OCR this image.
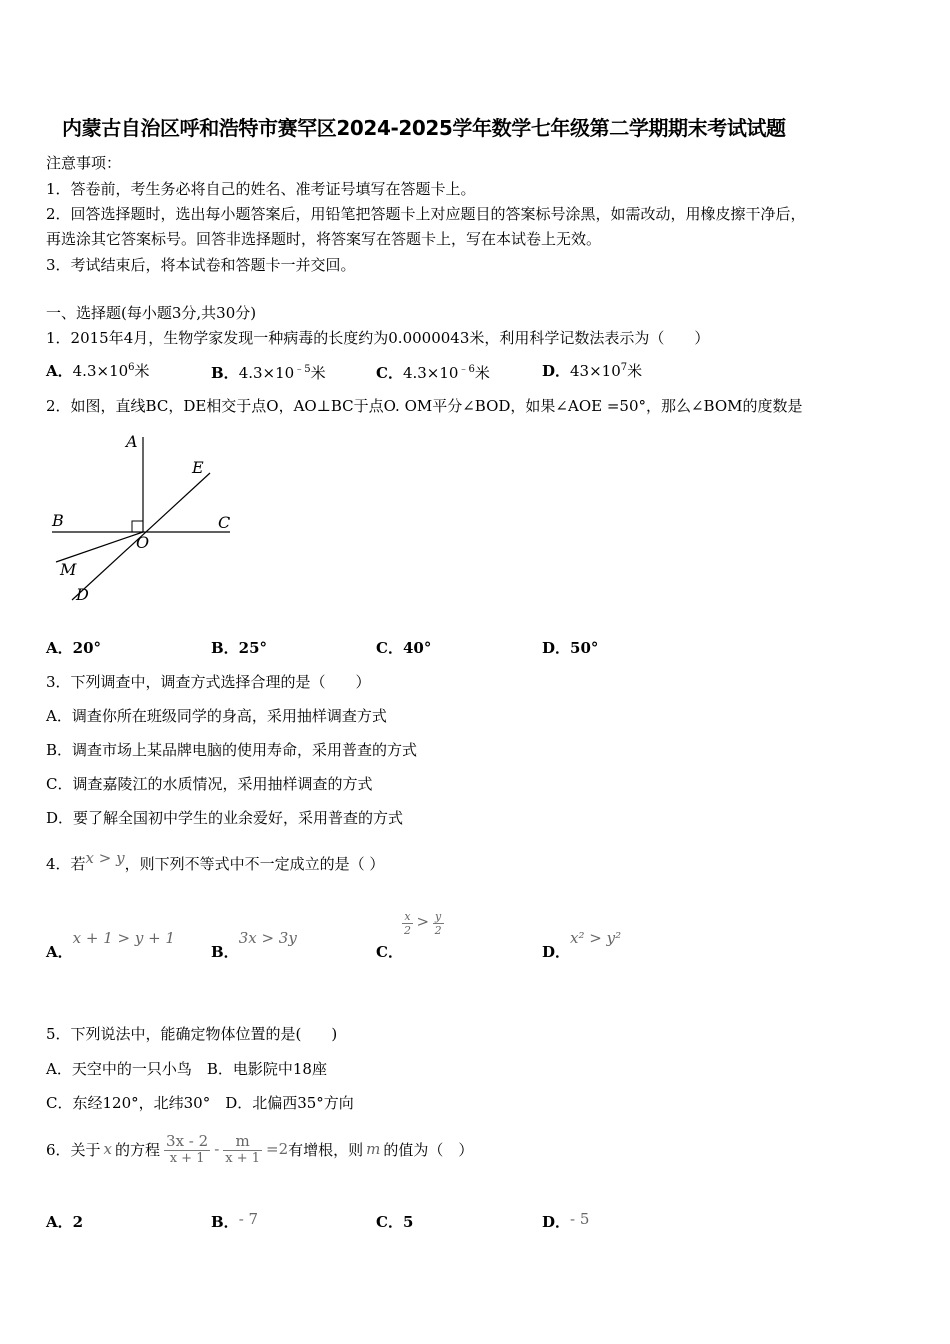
内蒙古自治区呼和浩特市赛罕区2024-2025学年数学七年级第二学期期末考试试题
注意事项：
1．答卷前，考生务必将自己的姓名、准考证号填写在答题卡上。
2．回答选择题时，选出每小题答案后，用铅笔把答题卡上对应题目的答案标号涂黑，如需改动，用橡皮擦干净后，
再选涂其它答案标号。回答非选择题时，将答案写在答题卡上，写在本试卷上无效。
3．考试结束后，将本试卷和答题卡一并交回。
一、选择题(每小题3分,共30分)
1．2015年4月，生物学家发现一种病毒的长度约为0.0000043米，利用科学记数法表示为（　　）
A．$4.3\times 10^6$米	B．$4.3\times 10^{﹣5}$米	C．$4.3\times 10^{﹣6}$米	D．$43\times 10^7$米
2．如图，直线BC，DE相交于点O，AO⊥BC于点O. OM平分∠BOD，如果∠AOE =50°，那么∠BOM的度数是
A
E
B	C
O
M
D
A．20°	B．25°	C．40°	D．50°
3．下列调查中，调查方式选择合理的是（　　）
A．调查你所在班级同学的身高，采用抽样调查方式
B．调查市场上某品牌电脑的使用寿命，采用普查的方式
C．调查嘉陵江的水质情况，采用抽样调查的方式
D．要了解全国初中学生的业余爱好，采用普查的方式
4．若x > y，则下列不等式中不一定成立的是（ ）
A．x + 1 > y + 1
B．3x > 3y
C．
$\frac{x}{2} > \frac{y}{2}$
D．x² > y²
5．下列说法中，能确定物体位置的是(　　)
A．天空中的一只小鸟　B．电影院中18座
C．东经120°，北纬30°　D．北偏西35°方向
6．关于 x 的方程 $\frac{3x - 2}{x + 1} - \frac{m}{x + 1} =2$ 有增根，则 m 的值为（　）
A．2	B．- 7	C．5	D．- 5
